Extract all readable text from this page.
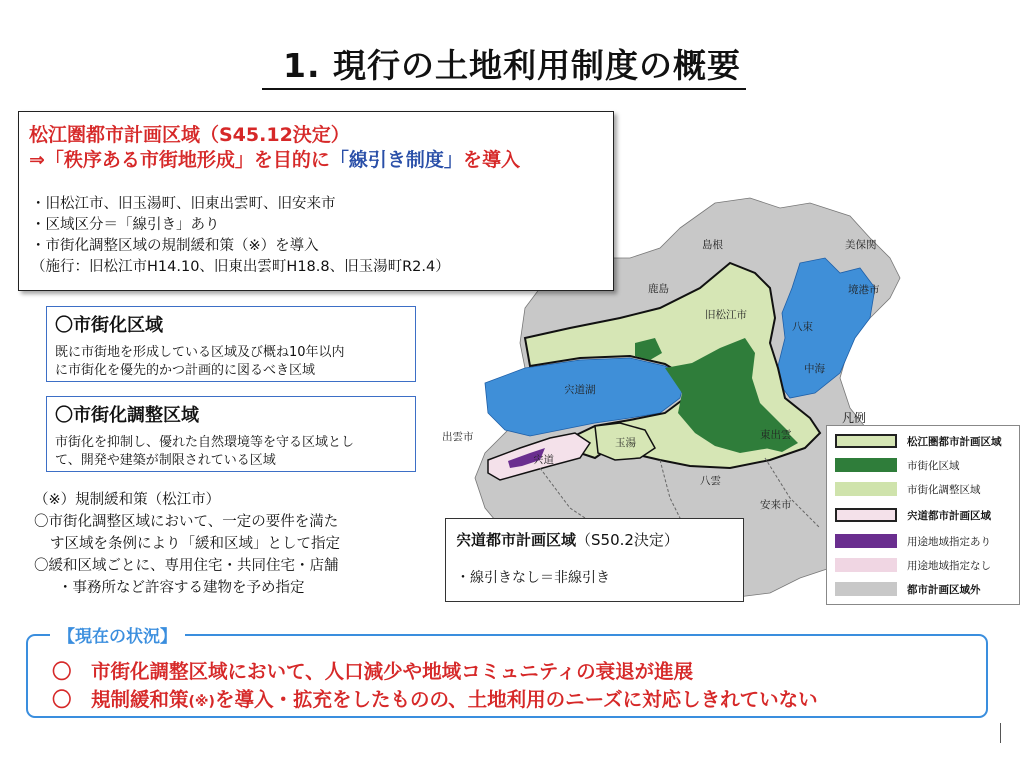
1. 現行の土地利用制度の概要
島根	美保関
鹿島	境港市
旧松江市
八束
中海
宍道湖
出雲市
宍道
玉湯
東出雲
八雲
安来市
松江圏都市計画区域（S45.12決定）
⇒「秩序ある市街地形成」を目的に「線引き制度」を導入
・旧松江市、旧玉湯町、旧東出雲町、旧安来市
・区域区分＝「線引き」あり
・市街化調整区域の規制緩和策（※）を導入
（施行：旧松江市H14.10、旧東出雲町H18.8、旧玉湯町R2.4）
〇市街化区域
既に市街地を形成している区域及び概ね10年以内
に市街化を優先的かつ計画的に図るべき区域
〇市街化調整区域
市街化を抑制し、優れた自然環境等を守る区域とし
て、開発や建築が制限されている区域
（※）規制緩和策（松江市）
〇市街化調整区域において、一定の要件を満た
す区域を条例により「緩和区域」として指定
〇緩和区域ごとに、専用住宅・共同住宅・店舗
・事務所など許容する建物を予め指定
凡例
松江圏都市計画区域
市街化区域
市街化調整区域
宍道都市計画区域
用途地域指定あり
用途地域指定なし
都市計画区域外
宍道都市計画区域（S50.2決定）
・線引きなし＝非線引き
【現在の状況】
〇　市街化調整区域において、人口減少や地域コミュニティの衰退が進展
〇　規制緩和策(※)を導入・拡充をしたものの、土地利用のニーズに対応しきれていない
